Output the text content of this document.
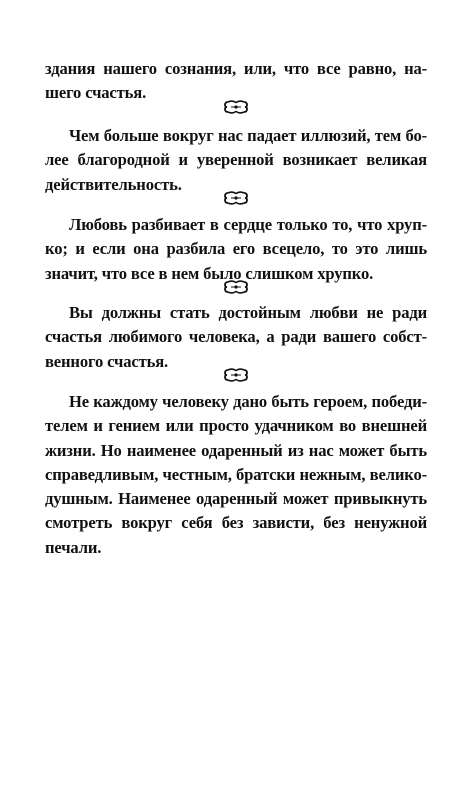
здания нашего сознания, или, что все равно, на-
шего счастья.
Чем больше вокруг нас падает иллюзий, тем бо-
лее благородной и уверенной возникает великая
действительность.
Любовь разбивает в сердце только то, что хруп-
ко; и если она разбила его всецело, то это лишь
значит, что все в нем было слишком хрупко.
Вы должны стать достойным любви не ради
счастья любимого человека, а ради вашего собст-
венного счастья.
Не каждому человеку дано быть героем, победи-
телем и гением или просто удачником во внешней
жизни. Но наименее одаренный из нас может быть
справедливым, честным, братски нежным, велико-
душным. Наименее одаренный может привыкнуть
смотреть вокруг себя без зависти, без ненужной
печали.
